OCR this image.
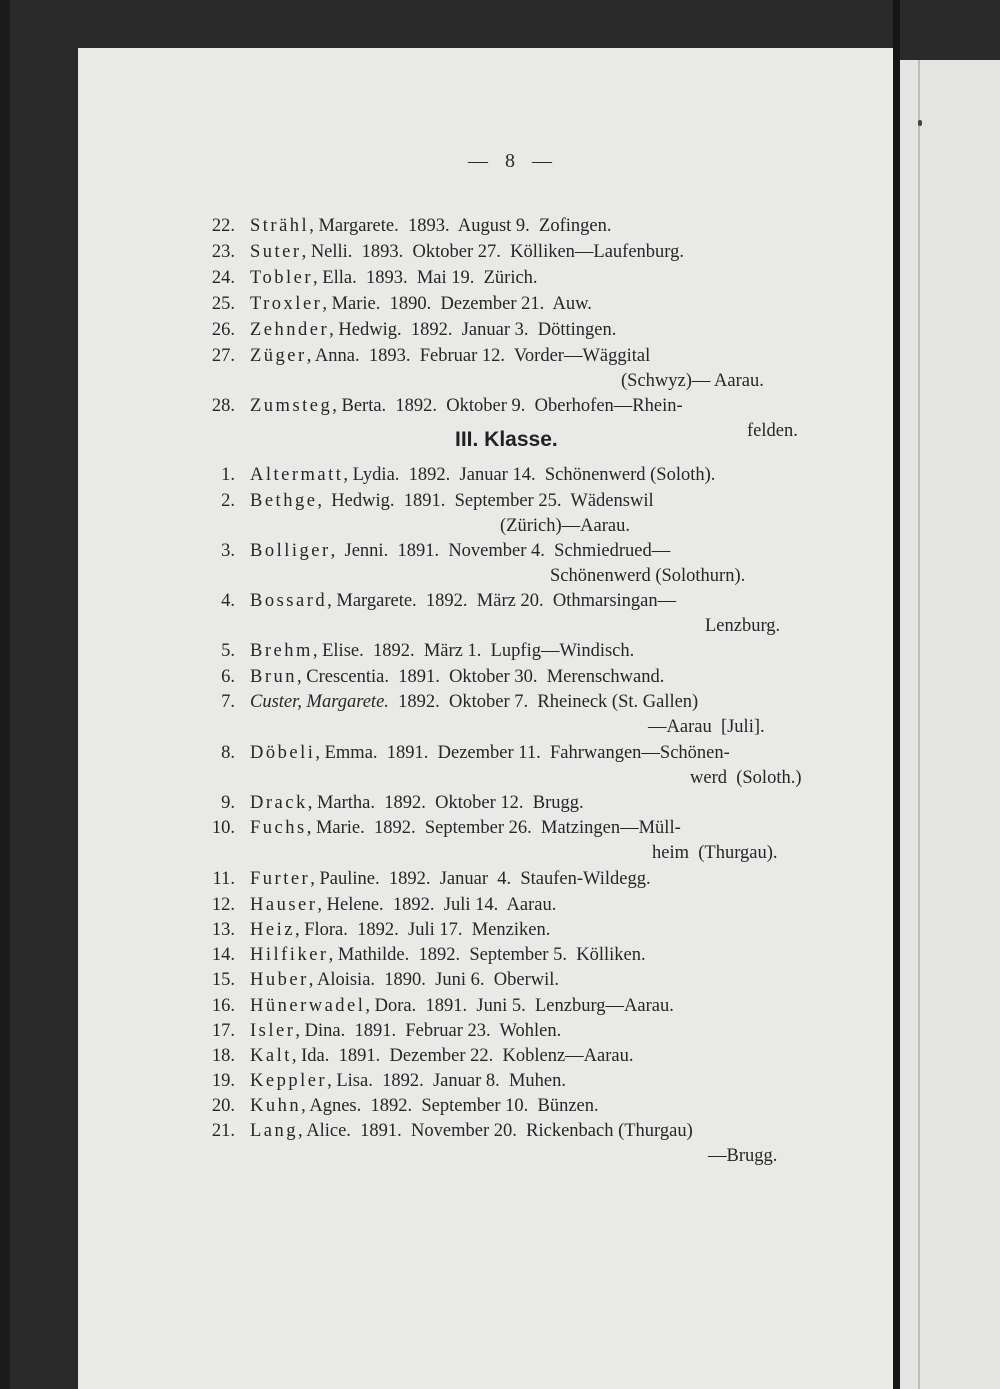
— 8 —
22. Strähl, Margarete.  1893.  August 9.  Zofingen.
23. Suter, Nelli.  1893.  Oktober 27.  Kölliken—Laufenburg.
24. Tobler, Ella.  1893.  Mai 19.  Zürich.
25. Troxler, Marie.  1890.  Dezember 21.  Auw.
26. Zehnder, Hedwig.  1892.  Januar 3.  Döttingen.
27. Züger, Anna.  1893.  Februar 12.  Vorder—Wäggital
(Schwyz)— Aarau.
28. Zumsteg, Berta.  1892.  Oktober 9.  Oberhofen—Rhein-
felden.
III. Klasse.
1. Altermatt, Lydia.  1892.  Januar 14.  Schönenwerd (Soloth).
2. Bethge,  Hedwig.  1891.  September 25.  Wädenswil
(Zürich)—Aarau.
3. Bolliger,  Jenni.  1891.  November 4.  Schmiedrued—
Schönenwerd (Solothurn).
4. Bossard, Margarete.  1892.  März 20.  Othmarsingan—
Lenzburg.
5. Brehm, Elise.  1892.  März 1.  Lupfig—Windisch.
6. Brun, Crescentia.  1891.  Oktober 30.  Merenschwand.
7. Custer, Margarete.  1892.  Oktober 7.  Rheineck (St. Gallen)
—Aarau  [Juli].
8. Döbeli, Emma.  1891.  Dezember 11.  Fahrwangen—Schönen-
werd  (Soloth.)
9. Drack, Martha.  1892.  Oktober 12.  Brugg.
10. Fuchs, Marie.  1892.  September 26.  Matzingen—Müll-
heim  (Thurgau).
11. Furter, Pauline.  1892.  Januar  4.  Staufen-Wildegg.
12. Hauser, Helene.  1892.  Juli 14.  Aarau.
13. Heiz, Flora.  1892.  Juli 17.  Menziken.
14. Hilfiker, Mathilde.  1892.  September 5.  Kölliken.
15. Huber, Aloisia.  1890.  Juni 6.  Oberwil.
16. Hünerwadel, Dora.  1891.  Juni 5.  Lenzburg—Aarau.
17. Isler, Dina.  1891.  Februar 23.  Wohlen.
18. Kalt, Ida.  1891.  Dezember 22.  Koblenz—Aarau.
19. Keppler, Lisa.  1892.  Januar 8.  Muhen.
20. Kuhn, Agnes.  1892.  September 10.  Bünzen.
21. Lang, Alice.  1891.  November 20.  Rickenbach (Thurgau)
—Brugg.
